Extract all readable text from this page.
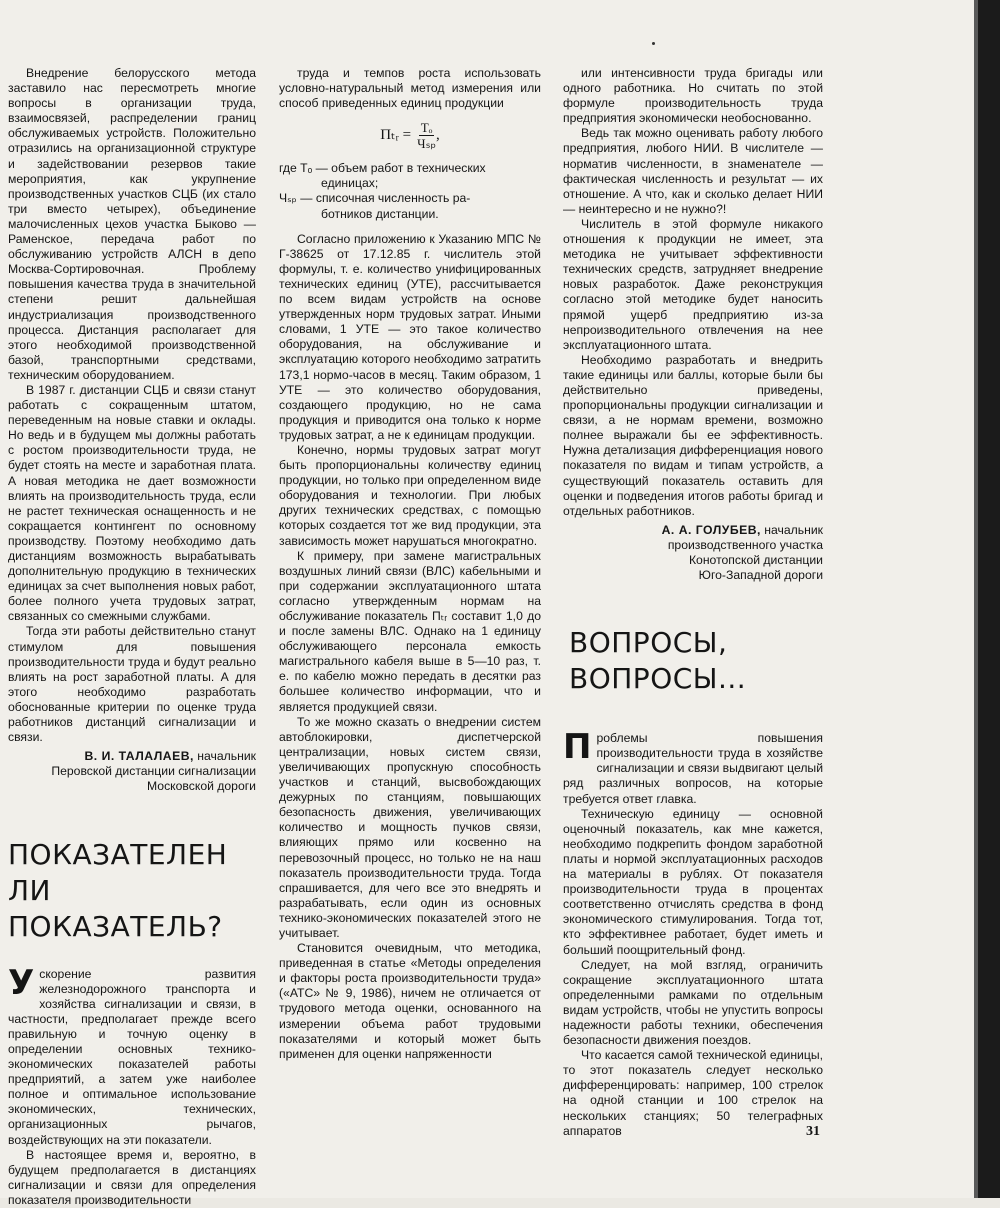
Внедрение белорусского метода заставило нас пересмотреть многие вопросы в организации труда, взаимосвязей, распределении границ обслуживаемых устройств. Положительно отразились на организационной структуре и задействовании резервов такие мероприятия, как укрупнение производственных участков СЦБ (их стало три вместо четырех), объединение малочисленных цехов участка Быково — Раменское, передача работ по обслуживанию устройств АЛСН в депо Москва-Сортировочная. Проблему повышения качества труда в значительной степени решит дальнейшая индустриализация производственного процесса. Дистанция располагает для этого необходимой производственной базой, транспортными средствами, техническим оборудованием.

В 1987 г. дистанции СЦБ и связи станут работать с сокращенным штатом, переведенным на новые ставки и оклады. Но ведь и в будущем мы должны работать с ростом производительности труда, не будет стоять на месте и заработная плата. А новая методика не дает возможности влиять на производительность труда, если не растет техническая оснащенность и не сокращается контингент по основному производству. Поэтому необходимо дать дистанциям возможность вырабатывать дополнительную продукцию в технических единицах за счет выполнения новых работ, более полного учета трудовых затрат, связанных со смежными службами.

Тогда эти работы действительно станут стимулом для повышения производительности труда и будут реально влиять на рост заработной платы. А для этого необходимо разработать обоснованные критерии по оценке труда работников дистанций сигнализации и связи.

В. И. ТАЛАЛАЕВ, начальник
Перовской дистанции сигнализации
Московской дороги
ПОКАЗАТЕЛЕН ЛИ ПОКАЗАТЕЛЬ?

Ускорение развития железнодорожного транспорта и хозяйства сигнализации и связи, в частности, предполагает прежде всего правильную и точную оценку в определении основных технико-экономических показателей работы предприятий, а затем уже наиболее полное и оптимальное использование экономических, технических, организационных рычагов, воздействующих на эти показатели.

В настоящее время и, вероятно, в будущем предполагается в дистанциях сигнализации и связи для определения показателя производительности

труда и темпов роста использовать условно-натуральный метод измерения или способ приведенных единиц продукции

Пₜᵣ = $\frac{\text{Tₒ}}{\text{Чₛₚ}}$ ,

где Tₒ — объем работ в технических

единицах;

Чₛₚ — списочная численность ра-

ботников дистанции.

Согласно приложению к Указанию МПС № Г-38625 от 17.12.85 г. числитель этой формулы, т. е. количество унифицированных технических единиц (УТЕ), рассчитывается по всем видам устройств на основе утвержденных норм трудовых затрат. Иными словами, 1 УТЕ — это такое количество оборудования, на обслуживание и эксплуатацию которого необходимо затратить 173,1 нормо-часов в месяц. Таким образом, 1 УТЕ — это количество оборудования, создающего продукцию, но не сама продукция и приводится она только к норме трудовых затрат, а не к единицам продукции.

Конечно, нормы трудовых затрат могут быть пропорциональны количеству единиц продукции, но только при определенном виде оборудования и технологии. При любых других технических средствах, с помощью которых создается тот же вид продукции, эта зависимость может нарушаться многократно.

К примеру, при замене магистральных воздушных линий связи (ВЛС) кабельными и при содержании эксплуатационного штата согласно утвержденным нормам на обслуживание показатель Пₜᵣ составит 1,0 до и после замены ВЛС. Однако на 1 единицу обслуживающего персонала емкость магистрального кабеля выше в 5—10 раз, т. е. по кабелю можно передать в десятки раз большее количество информации, что и является продукцией связи.

То же можно сказать о внедрении систем автоблокировки, диспетчерской централизации, новых систем связи, увеличивающих пропускную способность участков и станций, высвобождающих дежурных по станциям, повышающих безопасность движения, увеличивающих количество и мощность пучков связи, влияющих прямо или косвенно на перевозочный процесс, но только не на наш показатель производительности труда. Тогда спрашивается, для чего все это внедрять и разрабатывать, если один из основных технико-экономических показателей этого не учитывает.

Становится очевидным, что методика, приведенная в статье «Методы определения и факторы роста производительности труда» («АТС» № 9, 1986), ничем не отличается от трудового метода оценки, основанного на измерении объема работ трудовыми показателями и который может быть применен для оценки напряженности

или интенсивности труда бригады или одного работника. Но считать по этой формуле производительность труда предприятия экономически необоснованно.

Ведь так можно оценивать работу любого предприятия, любого НИИ. В числителе — норматив численности, в знаменателе — фактическая численность и результат — их отношение. А что, как и сколько делает НИИ — неинтересно и не нужно?!

Числитель в этой формуле никакого отношения к продукции не имеет, эта методика не учитывает эффективности технических средств, затрудняет внедрение новых разработок. Даже реконструкция согласно этой методике будет наносить прямой ущерб предприятию из-за непроизводительного отвлечения на нее эксплуатационного штата.

Необходимо разработать и внедрить такие единицы или баллы, которые были бы действительно приведены, пропорциональны продукции сигнализации и связи, а не нормам времени, возможно полнее выражали бы ее эффективность. Нужна детализация дифференциация нового показателя по видам и типам устройств, а существующий показатель оставить для оценки и подведения итогов работы бригад и отдельных работников.

А. А. ГОЛУБЕВ, начальник
производственного участка
Конотопской дистанции
Юго-Западной дороги
ВОПРОСЫ, ВОПРОСЫ...

Проблемы повышения производительности труда в хозяйстве сигнализации и связи выдвигают целый ряд различных вопросов, на которые требуется ответ главка.

Техническую единицу — основной оценочный показатель, как мне кажется, необходимо подкрепить фондом заработной платы и нормой эксплуатационных расходов на материалы в рублях. От показателя производительности труда в процентах соответственно отчислять средства в фонд экономического стимулирования. Тогда тот, кто эффективнее работает, будет иметь и больший поощрительный фонд.

Следует, на мой взгляд, ограничить сокращение эксплуатационного штата определенными рамками по отдельным видам устройств, чтобы не упустить вопросы надежности работы техники, обеспечения безопасности движения поездов.

Что касается самой технической единицы, то этот показатель следует несколько дифференцировать: например, 100 стрелок на одной станции и 100 стрелок на нескольких станциях; 50 телеграфных аппаратов	31
